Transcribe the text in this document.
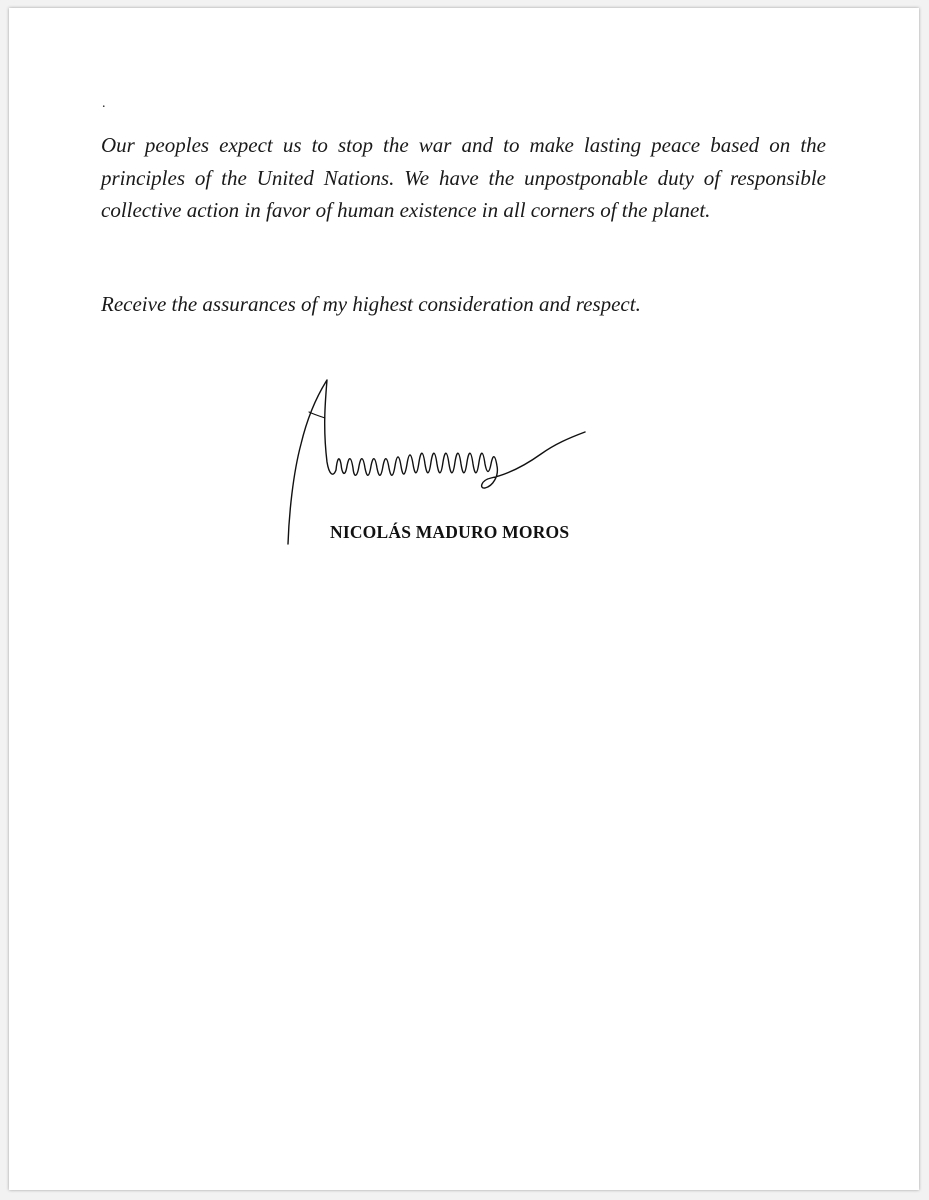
.

Our peoples expect us to stop the war and to make lasting peace based on the principles of the United Nations. We have the unpostponable duty of responsible collective action in favor of human existence in all corners of the planet.

Receive the assurances of my highest consideration and respect.

NICOLÁS MADURO MOROS
